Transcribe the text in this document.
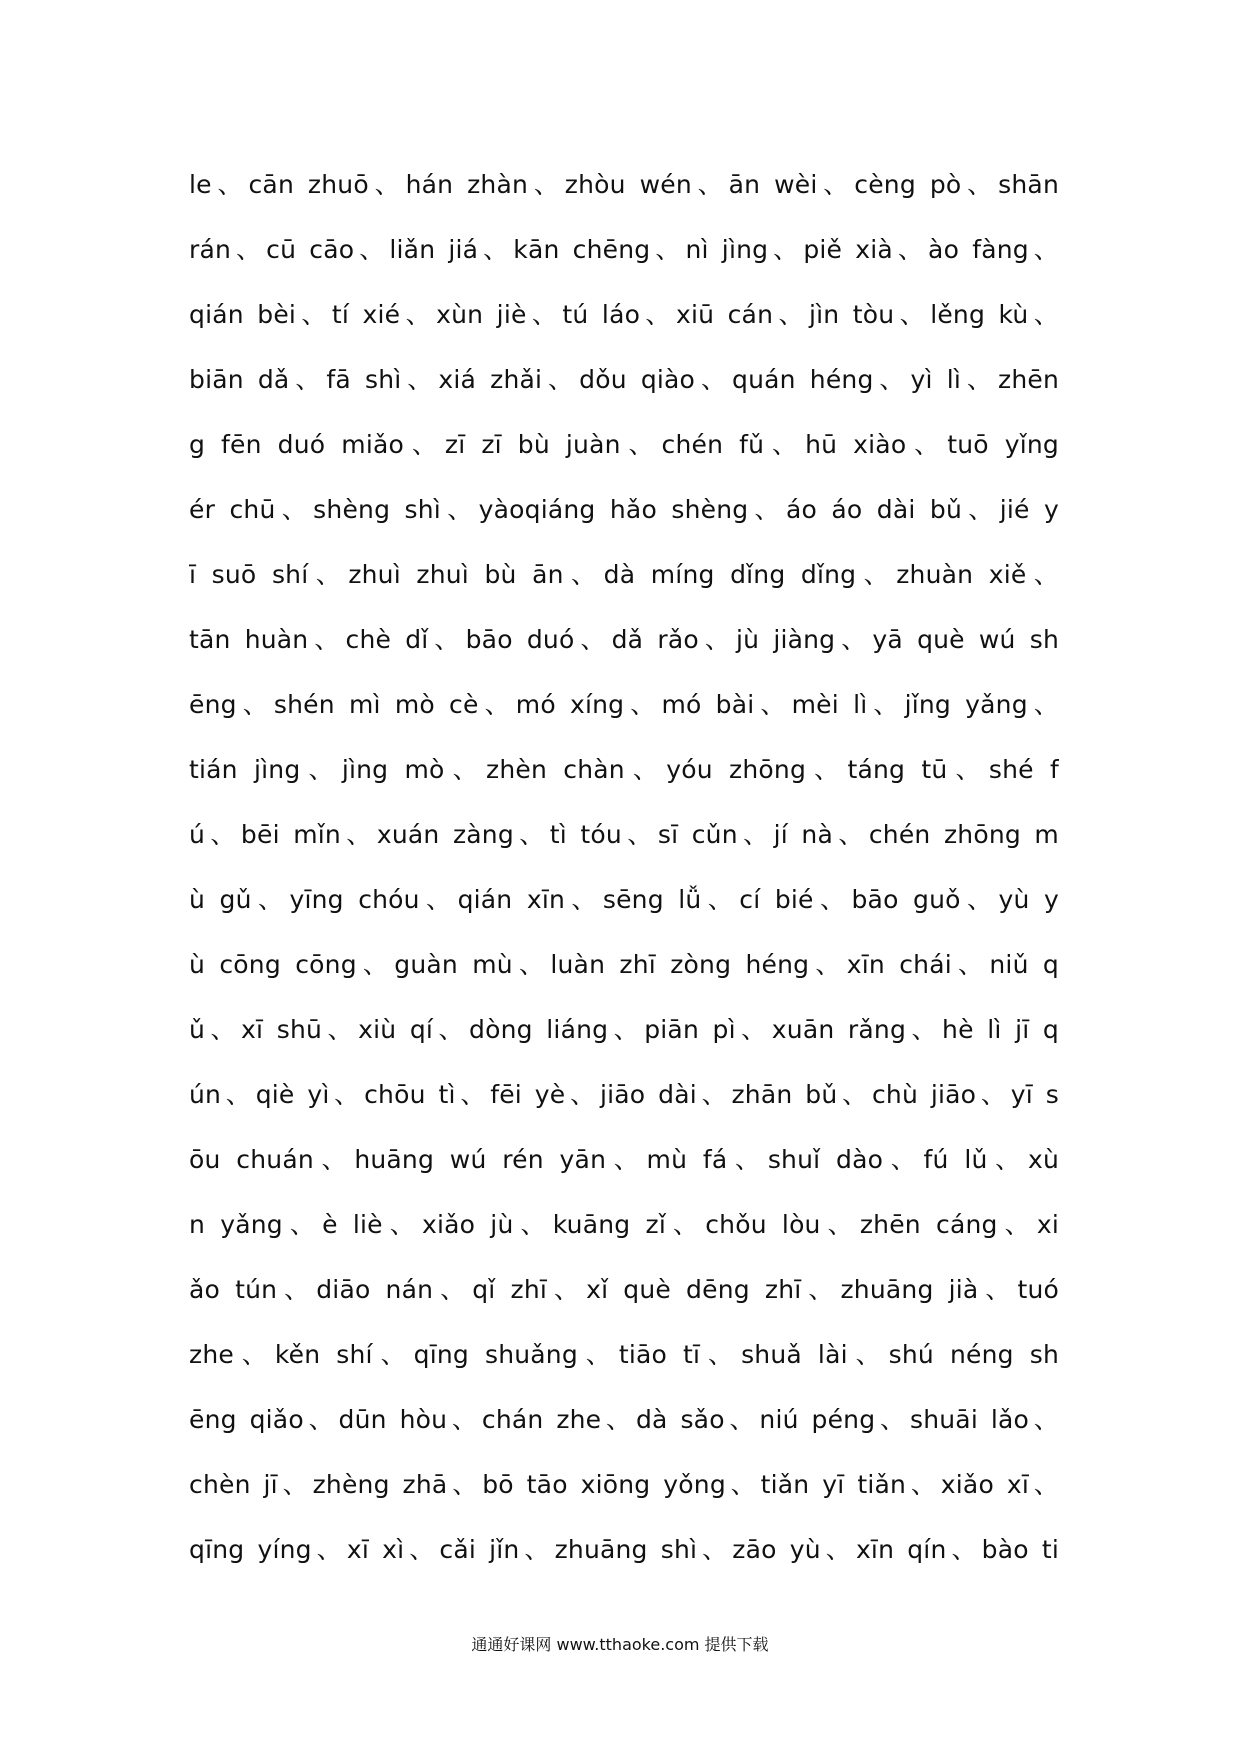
le、cān zhuō、hán zhàn、zhòu wén、ān wèi、cèng pò、shān
rán、cū cāo、liǎn jiá、kān chēng、nì jìng、piě xià、ào fàng、
qián bèi、tí xié、xùn jiè、tú láo、xiū cán、jìn tòu、lěng kù、
biān dǎ、fā shì、xiá zhǎi、dǒu qiào、quán héng、yì lì、zhēn
g fēn duó miǎo、zī zī bù juàn、chén fǔ、hū xiào、tuō yǐng
ér chū、shèng shì、yàoqiáng hǎo shèng、áo áo dài bǔ、jié y
ī suō shí、zhuì zhuì bù ān、dà míng dǐng dǐng、zhuàn xiě、
tān huàn、chè dǐ、bāo duó、dǎ rǎo、jù jiàng、yā què wú sh
ēng、shén mì mò cè、mó xíng、mó bài、mèi lì、jǐng yǎng、
tián jìng、jìng mò、zhèn chàn、yóu zhōng、táng tū、shé f
ú、bēi mǐn、xuán zàng、tì tóu、sī cǔn、jí nà、chén zhōng m
ù gǔ、yīng chóu、qián xīn、sēng lǚ、cí bié、bāo guǒ、yù y
ù cōng cōng、guàn mù、luàn zhī zòng héng、xīn chái、niǔ q
ǔ、xī shū、xiù qí、dòng liáng、piān pì、xuān rǎng、hè lì jī q
ún、qiè yì、chōu tì、fēi yè、jiāo dài、zhān bǔ、chù jiāo、yī s
ōu chuán、huāng wú rén yān、mù fá、shuǐ dào、fú lǔ、xù
n yǎng、è liè、xiǎo jù、kuāng zǐ、chǒu lòu、zhēn cáng、xi
ǎo tún、diāo nán、qǐ zhī、xǐ què dēng zhī、zhuāng jià、tuó
zhe、kěn shí、qīng shuǎng、tiāo tī、shuǎ lài、shú néng sh
ēng qiǎo、dūn hòu、chán zhe、dà sǎo、niú péng、shuāi lǎo、
chèn jī、zhèng zhā、bō tāo xiōng yǒng、tiǎn yī tiǎn、xiǎo xī、
qīng yíng、xī xì、cǎi jǐn、zhuāng shì、zāo yù、xīn qín、bào ti
通通好课网 www.tthaoke.com 提供下载
